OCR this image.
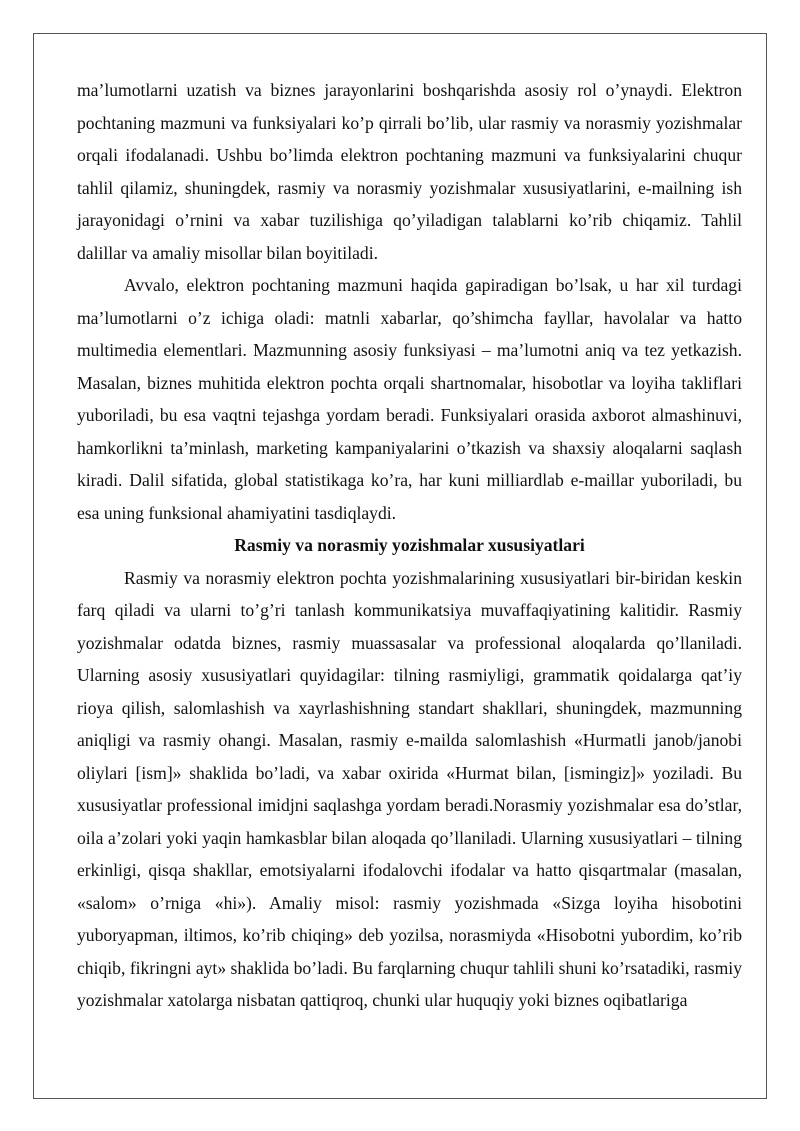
ma’lumotlarni uzatish va biznes jarayonlarini boshqarishda asosiy rol o’ynaydi. Elektron pochtaning mazmuni va funksiyalari ko’p qirrali bo’lib, ular rasmiy va norasmiy yozishmalar orqali ifodalanadi. Ushbu bo’limda elektron pochtaning mazmuni va funksiyalarini chuqur tahlil qilamiz, shuningdek, rasmiy va norasmiy yozishmalar xususiyatlarini, e-mailning ish jarayonidagi o’rnini va xabar tuzilishiga qo’yiladigan talablarni ko’rib chiqamiz. Tahlil dalillar va amaliy misollar bilan boyitiladi.

Avvalo, elektron pochtaning mazmuni haqida gapiradigan bo’lsak, u har xil turdagi ma’lumotlarni o’z ichiga oladi: matnli xabarlar, qo’shimcha fayllar, havolalar va hatto multimedia elementlari. Mazmunning asosiy funksiyasi – ma’lumotni aniq va tez yetkazish. Masalan, biznes muhitida elektron pochta orqali shartnomalar, hisobotlar va loyiha takliflari yuboriladi, bu esa vaqtni tejashga yordam beradi. Funksiyalari orasida axborot almashinuvi, hamkorlikni ta’minlash, marketing kampaniyalarini o’tkazish va shaxsiy aloqalarni saqlash kiradi. Dalil sifatida, global statistikaga ko’ra, har kuni milliardlab e-maillar yuboriladi, bu esa uning funksional ahamiyatini tasdiqlaydi.

Rasmiy va norasmiy yozishmalar xususiyatlari

Rasmiy va norasmiy elektron pochta yozishmalarining xususiyatlari bir-biridan keskin farq qiladi va ularni to’g’ri tanlash kommunikatsiya muvaffaqiyatining kalitidir. Rasmiy yozishmalar odatda biznes, rasmiy muassasalar va professional aloqalarda qo’llaniladi. Ularning asosiy xususiyatlari quyidagilar: tilning rasmiyligi, grammatik qoidalarga qat’iy rioya qilish, salomlashish va xayrlashishning standart shakllari, shuningdek, mazmunning aniqligi va rasmiy ohangi. Masalan, rasmiy e-mailda salomlashish «Hurmatli janob/janobi oliylari [ism]» shaklida bo’ladi, va xabar oxirida «Hurmat bilan, [ismingiz]» yoziladi. Bu xususiyatlar professional imidjni saqlashga yordam beradi.Norasmiy yozishmalar esa do’stlar, oila a’zolari yoki yaqin hamkasblar bilan aloqada qo’llaniladi. Ularning xususiyatlari – tilning erkinligi, qisqa shakllar, emotsiyalarni ifodalovchi ifodalar va hatto qisqartmalar (masalan, «salom» o’rniga «hi»). Amaliy misol: rasmiy yozishmada «Sizga loyiha hisobotini yuboryapman, iltimos, ko’rib chiqing» deb yozilsa, norasmiyda «Hisobotni yubordim, ko’rib chiqib, fikringni ayt» shaklida bo’ladi. Bu farqlarning chuqur tahlili shuni ko’rsatadiki, rasmiy yozishmalar xatolarga nisbatan qattiqroq, chunki ular huquqiy yoki biznes oqibatlariga
